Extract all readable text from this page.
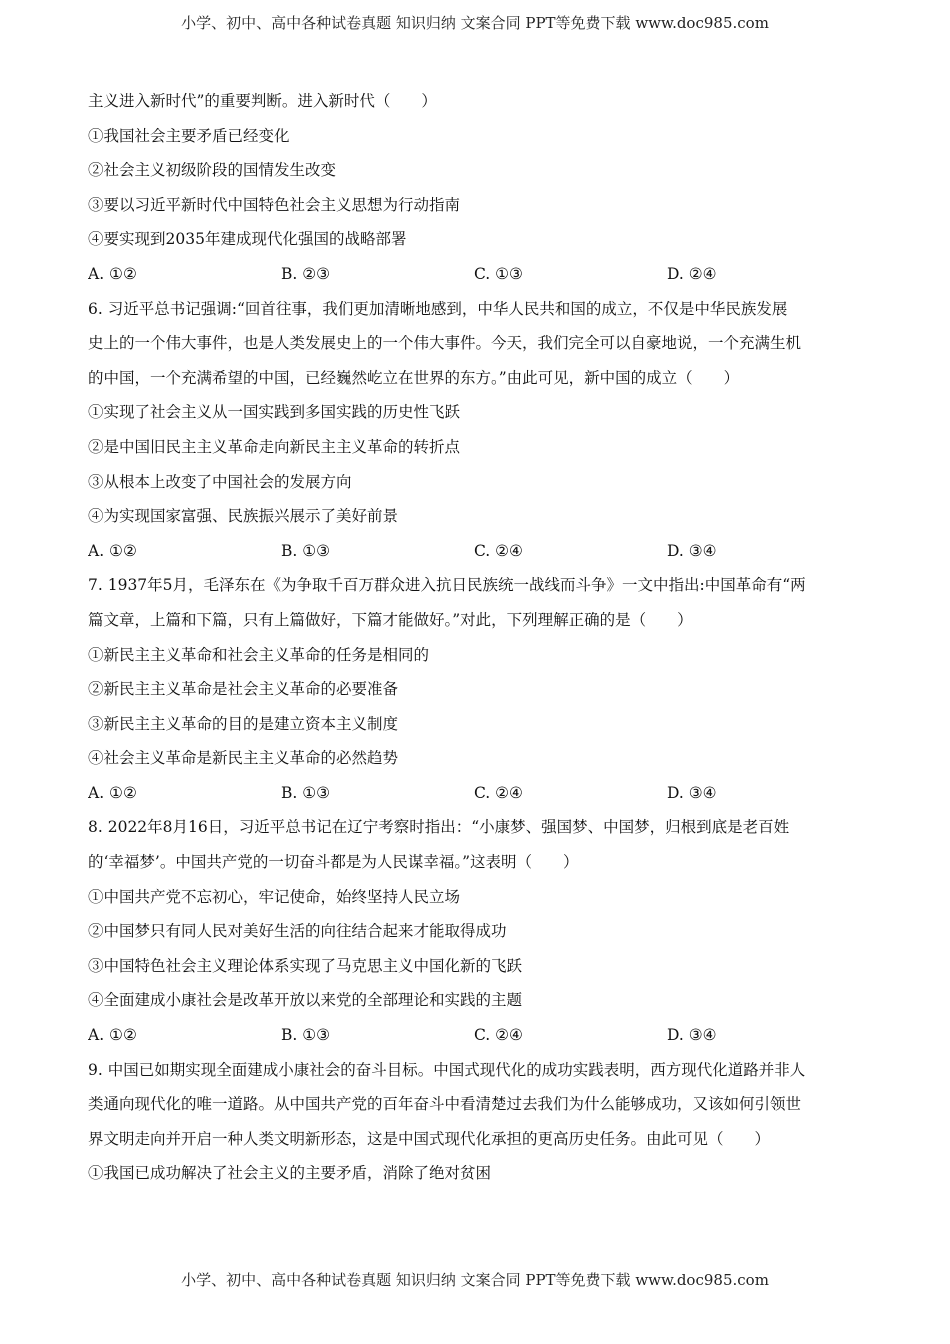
小学、初中、高中各种试卷真题 知识归纳 文案合同 PPT等免费下载 www.doc985.com
主义进入新时代”的重要判断。进入新时代（　　）
①我国社会主要矛盾已经变化
②社会主义初级阶段的国情发生改变
③要以习近平新时代中国特色社会主义思想为行动指南
④要实现到2035年建成现代化强国的战略部署
A. ①②	B. ②③	C. ①③	D. ②④
6. 习近平总书记强调:“回首往事，我们更加清晰地感到，中华人民共和国的成立，不仅是中华民族发展
史上的一个伟大事件，也是人类发展史上的一个伟大事件。今天，我们完全可以自豪地说，一个充满生机
的中国，一个充满希望的中国，已经巍然屹立在世界的东方。”由此可见，新中国的成立（　　）
①实现了社会主义从一国实践到多国实践的历史性飞跃
②是中国旧民主主义革命走向新民主主义革命的转折点
③从根本上改变了中国社会的发展方向
④为实现国家富强、民族振兴展示了美好前景
A. ①②	B. ①③	C. ②④	D. ③④
7. 1937年5月，毛泽东在《为争取千百万群众进入抗日民族统一战线而斗争》一文中指出:中国革命有“两
篇文章，上篇和下篇，只有上篇做好，下篇才能做好。”对此，下列理解正确的是（　　）
①新民主主义革命和社会主义革命的任务是相同的
②新民主主义革命是社会主义革命的必要准备
③新民主主义革命的目的是建立资本主义制度
④社会主义革命是新民主主义革命的必然趋势
A. ①②	B. ①③	C. ②④	D. ③④
8. 2022年8月16日，习近平总书记在辽宁考察时指出：“小康梦、强国梦、中国梦，归根到底是老百姓
的‘幸福梦’。中国共产党的一切奋斗都是为人民谋幸福。”这表明（　　）
①中国共产党不忘初心，牢记使命，始终坚持人民立场
②中国梦只有同人民对美好生活的向往结合起来才能取得成功
③中国特色社会主义理论体系实现了马克思主义中国化新的飞跃
④全面建成小康社会是改革开放以来党的全部理论和实践的主题
A. ①②	B. ①③	C. ②④	D. ③④
9. 中国已如期实现全面建成小康社会的奋斗目标。中国式现代化的成功实践表明，西方现代化道路并非人
类通向现代化的唯一道路。从中国共产党的百年奋斗中看清楚过去我们为什么能够成功，又该如何引领世
界文明走向并开启一种人类文明新形态，这是中国式现代化承担的更高历史任务。由此可见（　　）
①我国已成功解决了社会主义的主要矛盾，消除了绝对贫困
小学、初中、高中各种试卷真题 知识归纳 文案合同 PPT等免费下载 www.doc985.com
